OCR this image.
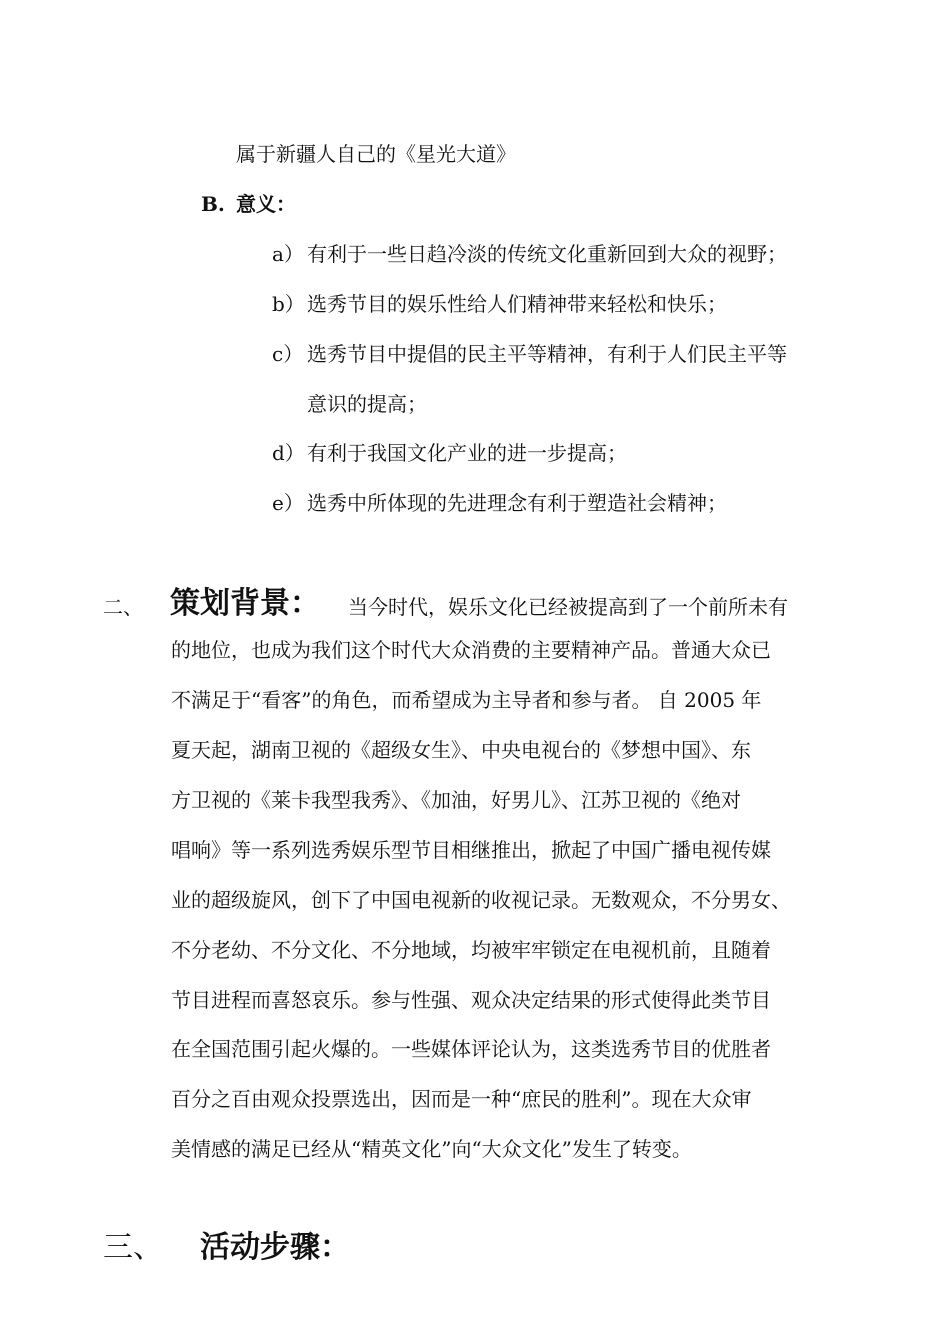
属于新疆人自己的《星光大道》
B. 意义：
a） 有利于一些日趋冷淡的传统文化重新回到大众的视野；
b） 选秀节目的娱乐性给人们精神带来轻松和快乐；
c） 选秀节目中提倡的民主平等精神，有利于人们民主平等
意识的提高；
d） 有利于我国文化产业的进一步提高；
e） 选秀中所体现的先进理念有利于塑造社会精神；
二、 策划背景： 当今时代，娱乐文化已经被提高到了一个前所未有
的地位，也成为我们这个时代大众消费的主要精神产品。普通大众已
不满足于“看客”的角色，而希望成为主导者和参与者。 自 2005 年
夏天起，湖南卫视的《超级女生》、中央电视台的《梦想中国》、东
方卫视的《莱卡我型我秀》、《加油，好男儿》、江苏卫视的《绝对
唱响》等一系列选秀娱乐型节目相继推出，掀起了中国广播电视传媒
业的超级旋风，创下了中国电视新的收视记录。无数观众，不分男女、
不分老幼、不分文化、不分地域，均被牢牢锁定在电视机前，且随着
节目进程而喜怒哀乐。参与性强、观众决定结果的形式使得此类节目
在全国范围引起火爆的。一些媒体评论认为，这类选秀节目的优胜者
百分之百由观众投票选出，因而是一种“庶民的胜利”。现在大众审
美情感的满足已经从“精英文化”向“大众文化”发生了转变。
三、 活动步骤：
